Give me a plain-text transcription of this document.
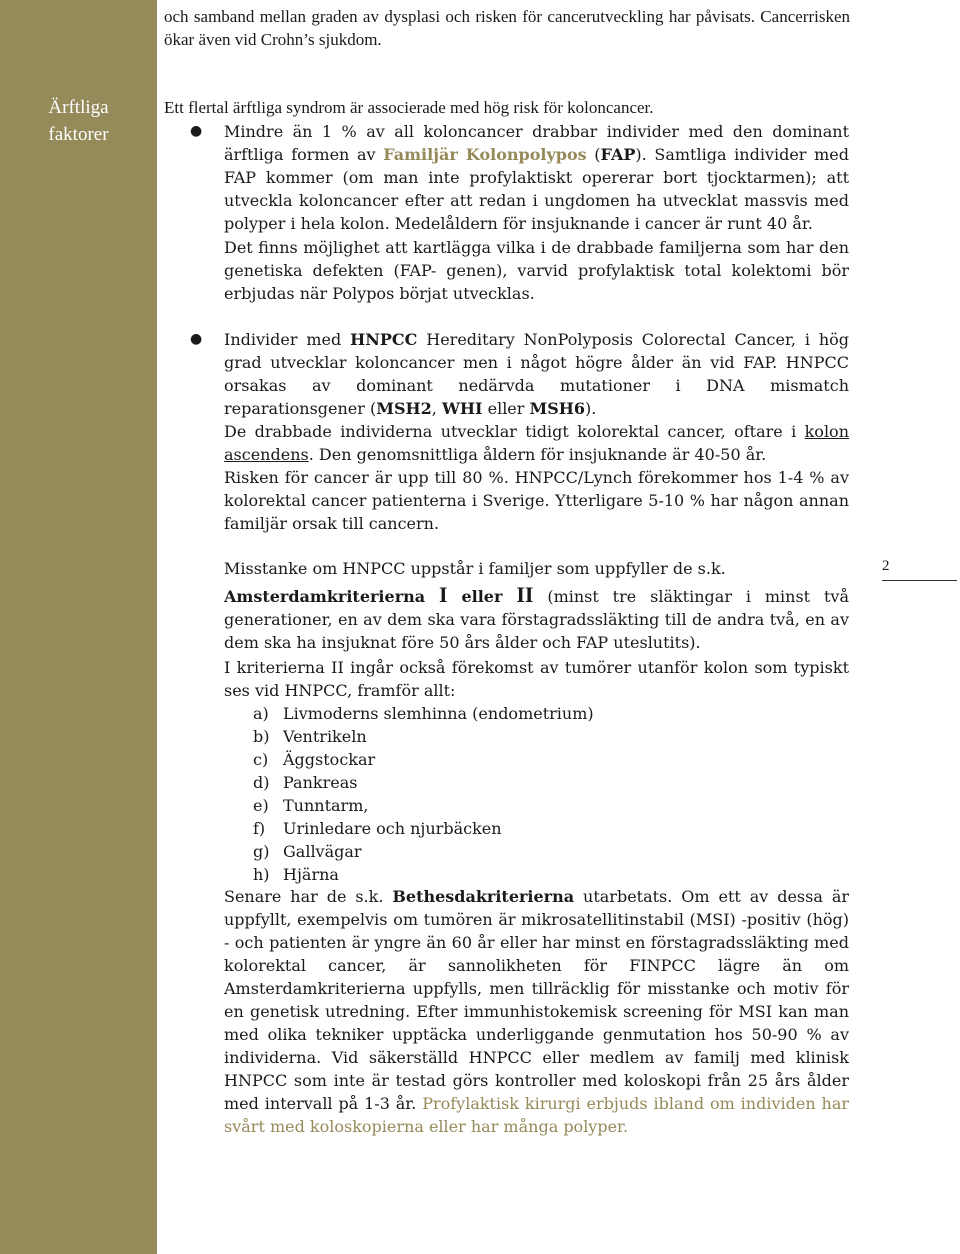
Ärftliga
faktorer
2

och samband mellan graden av dysplasi och risken för cancerutveckling har påvisats. Cancerrisken ökar även vid Crohn’s sjukdom.

Ett flertal ärftliga syndrom är associerade med hög risk för koloncancer.

● Mindre än 1 % av all koloncancer drabbar individer med den dominant ärftliga formen av Familjär Kolonpolypos (FAP). Samtliga individer med FAP kommer (om man inte profylaktiskt opererar bort tjocktarmen); att utveckla koloncancer efter att redan i ungdomen ha utvecklat massvis med polyper i hela kolon. Medelåldern för insjuknande i cancer är runt 40 år.

Det finns möjlighet att kartlägga vilka i de drabbade familjerna som har den genetiska defekten (FAP- genen), varvid profylaktisk total kolektomi bör erbjudas när Polypos börjat utvecklas.

● Individer med HNPCC Hereditary NonPolyposis Colorectal Cancer, i hög grad utvecklar koloncancer men i något högre ålder än vid FAP. HNPCC orsakas av dominant nedärvda mutationer i DNA mismatch reparationsgener (MSH2, WHI eller MSH6).

De drabbade individerna utvecklar tidigt kolorektal cancer, oftare i kolon ascendens. Den genomsnittliga åldern för insjuknande är 40-50 år.

Risken för cancer är upp till 80 %. HNPCC/Lynch förekommer hos 1-4 % av kolorektal cancer patienterna i Sverige. Ytterligare 5-10 % har någon annan familjär orsak till cancern.

Misstanke om HNPCC uppstår i familjer som uppfyller de s.k.

Amsterdamkriterierna I eller II (minst tre släktingar i minst två generationer, en av dem ska vara förstagradssläkting till de andra två, en av dem ska ha insjuknat före 50 års ålder och FAP uteslutits).

I kriterierna II ingår också förekomst av tumörer utanför kolon som typiskt ses vid HNPCC, framför allt:

a) Livmoderns slemhinna (endometrium)
b) Ventrikeln
c) Äggstockar
d) Pankreas
e) Tunntarm,
f)	Urinledare och njurbäcken
g) Gallvägar
h) Hjärna

Senare har de s.k. Bethesdakriterierna utarbetats. Om ett av dessa är uppfyllt, exempelvis om tumören är mikrosatellitinstabil (MSI) -positiv (hög) - och patienten är yngre än 60 år eller har minst en förstagradssläkting med kolorektal cancer, är sannolikheten för FINPCC lägre än om Amsterdamkriterierna uppfylls, men tillräcklig för misstanke och motiv för en genetisk utredning. Efter immunhistokemisk screening för MSI kan man med olika tekniker upptäcka underliggande genmutation hos 50-90 % av individerna. Vid säkerställd HNPCC eller medlem av familj med klinisk HNPCC som inte är testad görs kontroller med koloskopi från 25 års ålder med intervall på 1-3 år. Profylaktisk kirurgi erbjuds ibland om individen har svårt med koloskopierna eller har många polyper.
